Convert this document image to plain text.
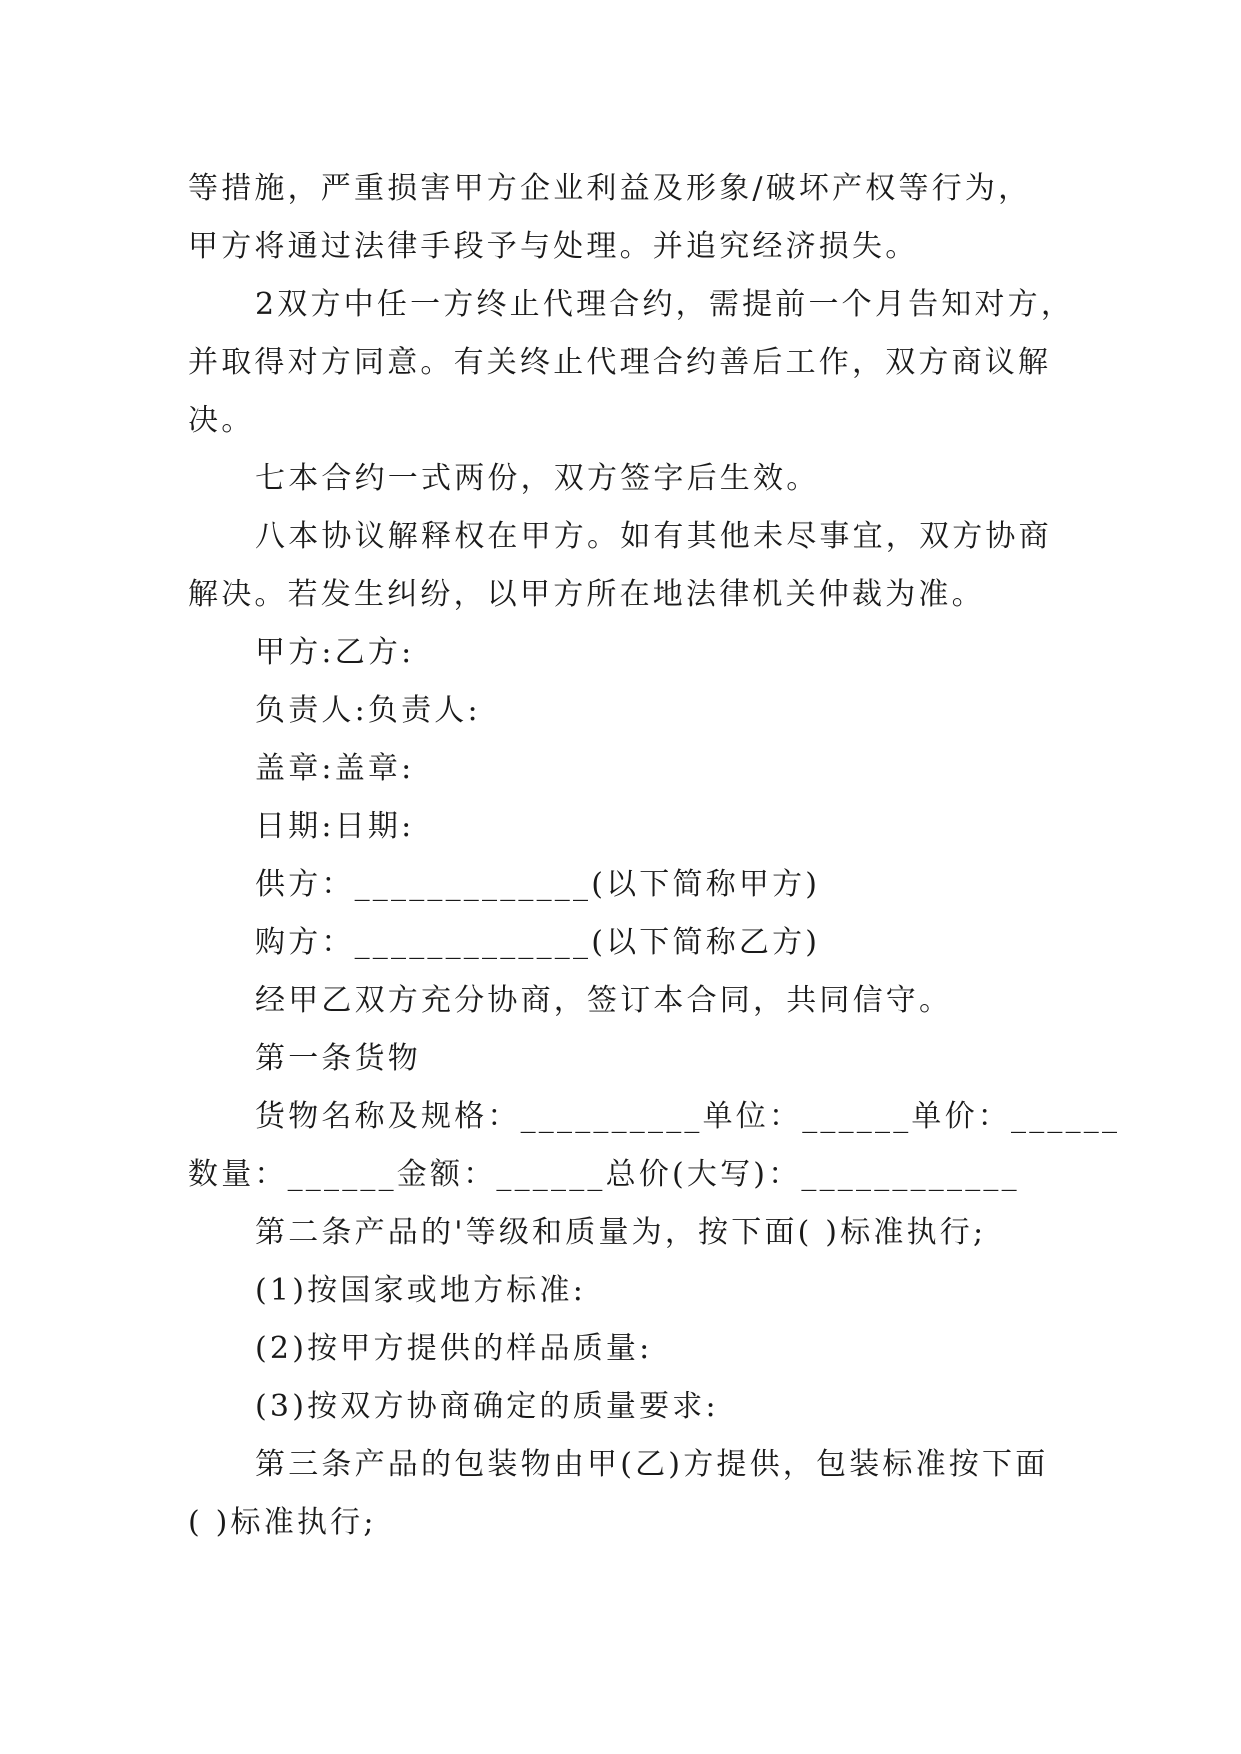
等措施，严重损害甲方企业利益及形象/破坏产权等行为，
甲方将通过法律手段予与处理。并追究经济损失。
2双方中任一方终止代理合约，需提前一个月告知对方，
并取得对方同意。有关终止代理合约善后工作，双方商议解
决。
七本合约一式两份，双方签字后生效。
八本协议解释权在甲方。如有其他未尽事宜，双方协商
解决。若发生纠纷，以甲方所在地法律机关仲裁为准。
甲方:乙方:
负责人:负责人:
盖章:盖章:
日期:日期:
供方：_____________(以下简称甲方)
购方：_____________(以下简称乙方)
经甲乙双方充分协商，签订本合同，共同信守。
第一条货物
货物名称及规格：__________单位：______单价：______
数量：______金额：______总价(大写)：____________
第二条产品的'等级和质量为，按下面( )标准执行;
(1)按国家或地方标准:
(2)按甲方提供的样品质量:
(3)按双方协商确定的质量要求:
第三条产品的包装物由甲(乙)方提供，包装标准按下面
( )标准执行;
